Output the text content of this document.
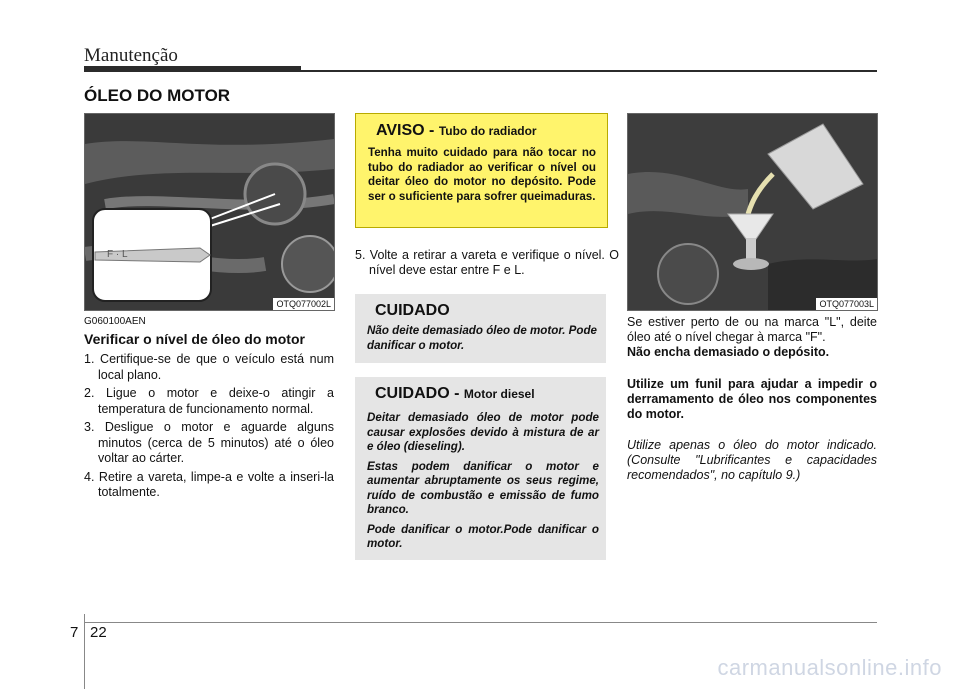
Manutenção
ÓLEO DO MOTOR
F · L
OTQ077002L
G060100AEN
Verificar o nível de óleo do motor
1. Certifique-se de que o veículo está num local plano.
2. Ligue o motor e deixe-o atingir a temperatura de funcionamento normal.
3. Desligue o motor e aguarde alguns minutos (cerca de 5 minutos) até o óleo voltar ao cárter.
4. Retire a vareta, limpe-a e volte a inseri-la totalmente.
AVISO - Tubo do radiador

Tenha muito cuidado para não tocar no tubo do radiador ao verificar o nível ou deitar óleo do motor no depósito. Pode ser o suficiente para sofrer queimaduras.

5. Volte a retirar a vareta e verifique o nível. O nível deve estar entre F e L.
CUIDADO

Não deite demasiado óleo de motor. Pode danificar o motor.

CUIDADO - Motor diesel

Deitar demasiado óleo de motor pode causar explosões devido à mistura de ar e óleo (dieseling).

Estas podem danificar o motor e aumentar abruptamente os seus regime, ruído de combustão e emissão de fumo branco.

Pode danificar o motor.Pode danificar o motor.

OTQ077003L
Se estiver perto de ou na marca "L", deite óleo até o nível chegar à marca "F".
Não encha demasiado o depósito.
Utilize um funil para ajudar a impedir o derramamento de óleo nos componentes do motor.
Utilize apenas o óleo do motor indicado. (Consulte "Lubrificantes e capacidades recomendados", no capítulo 9.)
7 22
carmanualsonline.info
